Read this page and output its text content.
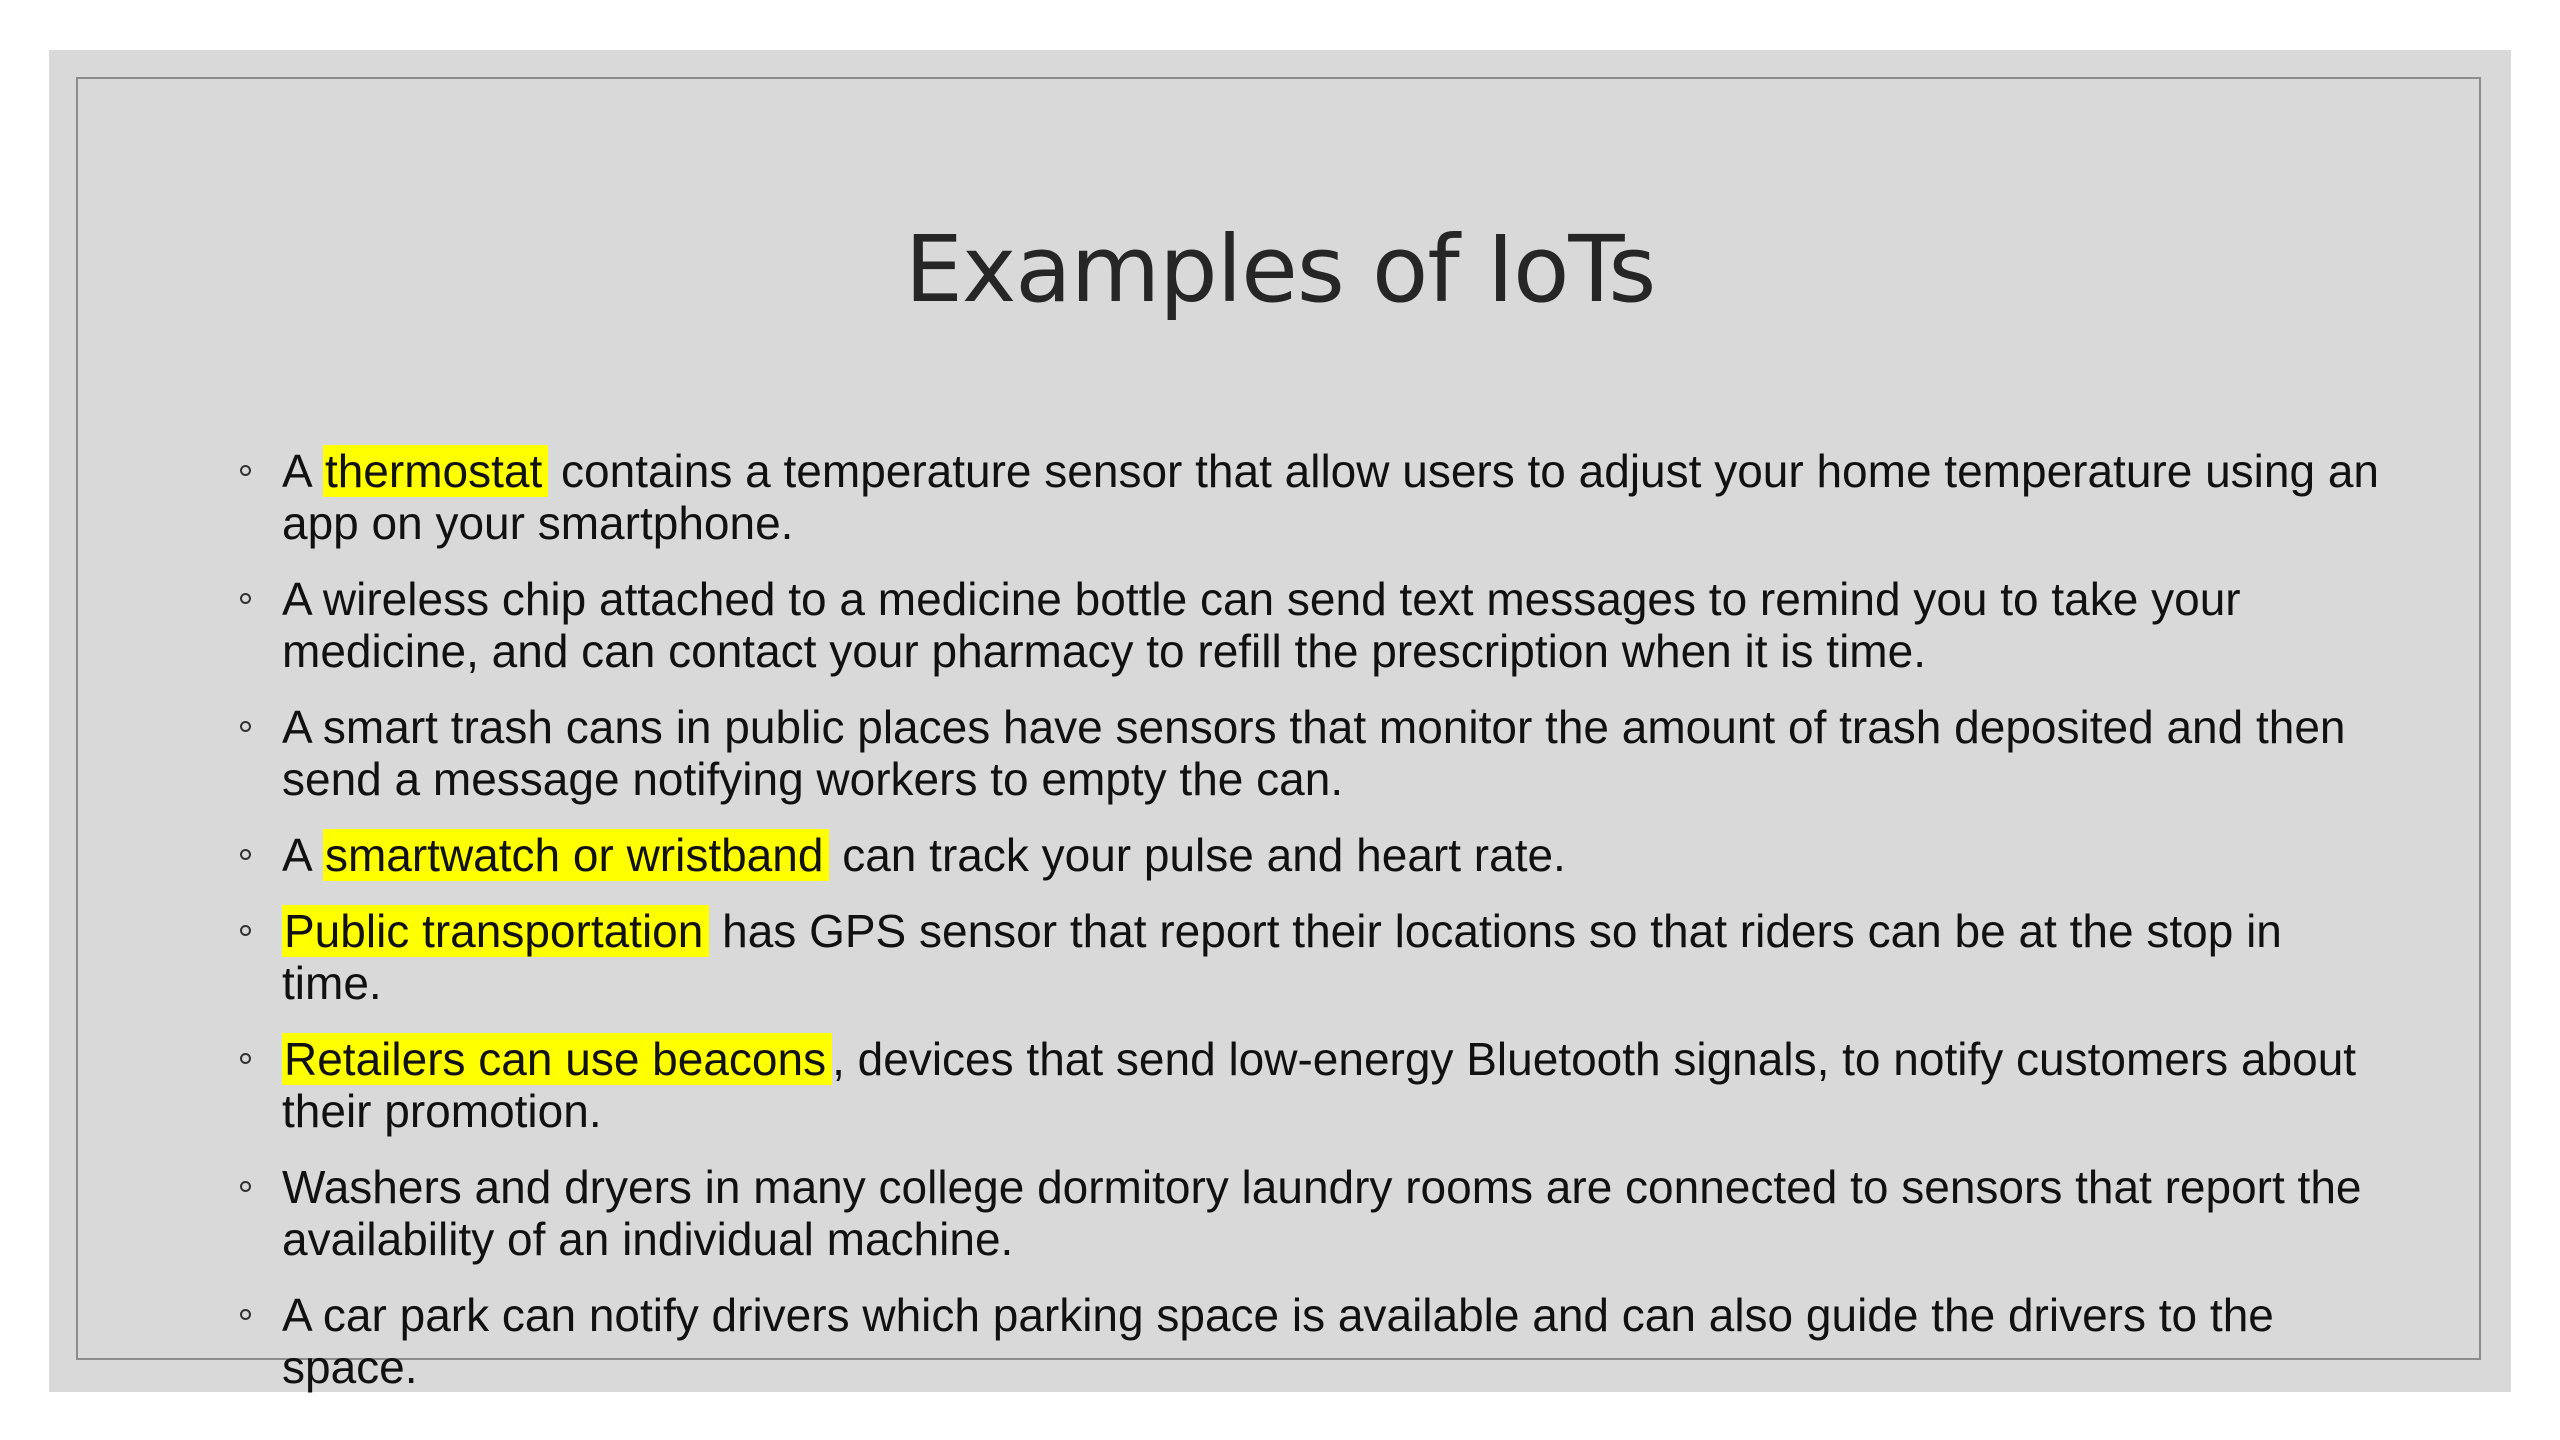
Examples of IoTs
A thermostat contains a temperature sensor that allow users to adjust your home temperature using an app on your smartphone.
A wireless chip attached to a medicine bottle can send text messages to remind you to take your medicine, and can contact your pharmacy to refill the prescription when it is time.
A smart trash cans in public places have sensors that monitor the amount of trash deposited and then send a message notifying workers to empty the can.
A smartwatch or wristband can track your pulse and heart rate.
Public transportation has GPS sensor that report their locations so that riders can be at the stop in time.
Retailers can use beacons , devices that send low-energy Bluetooth signals, to notify customers about their promotion.
Washers and dryers in many college dormitory laundry rooms are connected to sensors that report the availability of an individual machine.
A car park can notify drivers which parking space is available and can also guide the drivers to the space.
